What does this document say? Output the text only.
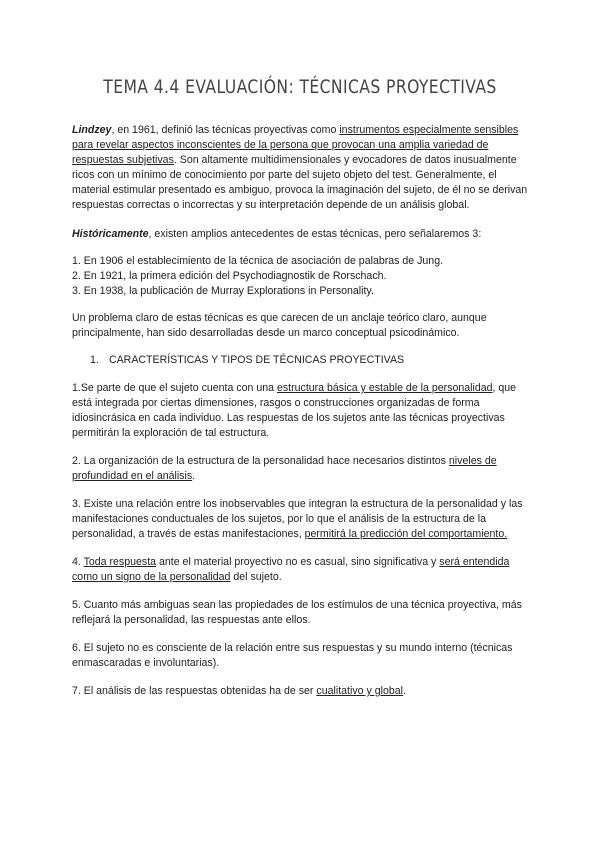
TEMA 4.4 EVALUACIÓN: TÉCNICAS PROYECTIVAS

Lindzey, en 1961, definió las técnicas proyectivas como instrumentos especialmente sensibles para revelar aspectos inconscientes de la persona que provocan una amplia variedad de respuestas subjetivas. Son altamente multidimensionales y evocadores de datos inusualmente ricos con un mínimo de conocimiento por parte del sujeto objeto del test. Generalmente, el material estimular presentado es ambiguo, provoca la imaginación del sujeto, de él no se derivan respuestas correctas o incorrectas y su interpretación depende de un análisis global.

Históricamente, existen amplios antecedentes de estas técnicas, pero señalaremos 3:

1. En 1906 el establecimiento de la técnica de asociación de palabras de Jung.

2. En 1921, la primera edición del Psychodiagnostik de Rorschach.

3. En 1938, la publicación de Murray Explorations in Personality.

Un problema claro de estas técnicas es que carecen de un anclaje teórico claro, aunque principalmente, han sido desarrolladas desde un marco conceptual psicodinámico.

1. CARACTERÍSTICAS Y TIPOS DE TÉCNICAS PROYECTIVAS

1.Se parte de que el sujeto cuenta con una estructura básica y estable de la personalidad, que está integrada por ciertas dimensiones, rasgos o construcciones organizadas de forma idiosincrásica en cada individuo. Las respuestas de los sujetos ante las técnicas proyectivas permitirán la exploración de tal estructura.

2. La organización de la estructura de la personalidad hace necesarios distintos niveles de profundidad en el análisis.

3. Existe una relación entre los inobservables que integran la estructura de la personalidad y las manifestaciones conductuales de los sujetos, por lo que el análisis de la estructura de la personalidad, a través de estas manifestaciones, permitirá la predicción del comportamiento.

4. Toda respuesta ante el material proyectivo no es casual, sino significativa y será entendida como un signo de la personalidad del sujeto.

5. Cuanto más ambiguas sean las propiedades de los estímulos de una técnica proyectiva, más reflejará la personalidad, las respuestas ante ellos.

6. El sujeto no es consciente de la relación entre sus respuestas y su mundo interno (técnicas enmascaradas e involuntarias).

7. El análisis de las respuestas obtenidas ha de ser cualitativo y global.
